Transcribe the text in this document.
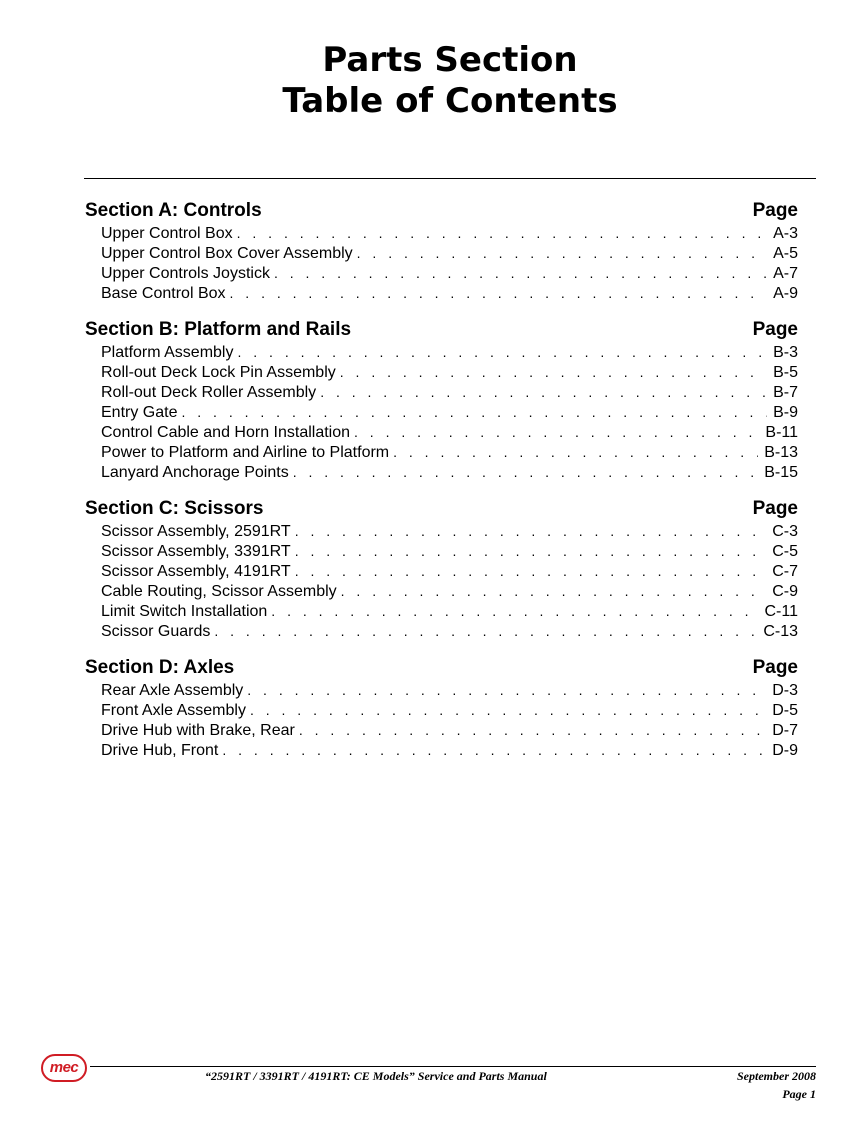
Parts Section
Table of Contents
Section A: Controls	Page
Upper Control Box . . .	A-3
Upper Control Box Cover Assembly . . .	A-5
Upper Controls Joystick . . .	A-7
Base Control Box . . .	A-9
Section B: Platform and Rails	Page
Platform Assembly . . .	B-3
Roll-out Deck Lock Pin Assembly . . .	B-5
Roll-out Deck Roller Assembly . . .	B-7
Entry Gate . . .	B-9
Control Cable and Horn Installation . . .	B-11
Power to Platform and Airline to Platform . . .	B-13
Lanyard Anchorage Points . . .	B-15
Section C: Scissors	Page
Scissor Assembly, 2591RT . . .	C-3
Scissor Assembly, 3391RT . . .	C-5
Scissor Assembly, 4191RT . . .	C-7
Cable Routing, Scissor Assembly . . .	C-9
Limit Switch Installation . . .	C-11
Scissor Guards . . .	C-13
Section D: Axles	Page
Rear Axle Assembly . . .	D-3
Front Axle Assembly . . .	D-5
Drive Hub with Brake, Rear . . .	D-7
Drive Hub, Front . . .	D-9
mec	“2591RT / 3391RT / 4191RT: CE Models” Service and Parts Manual	September 2008
Page 1
